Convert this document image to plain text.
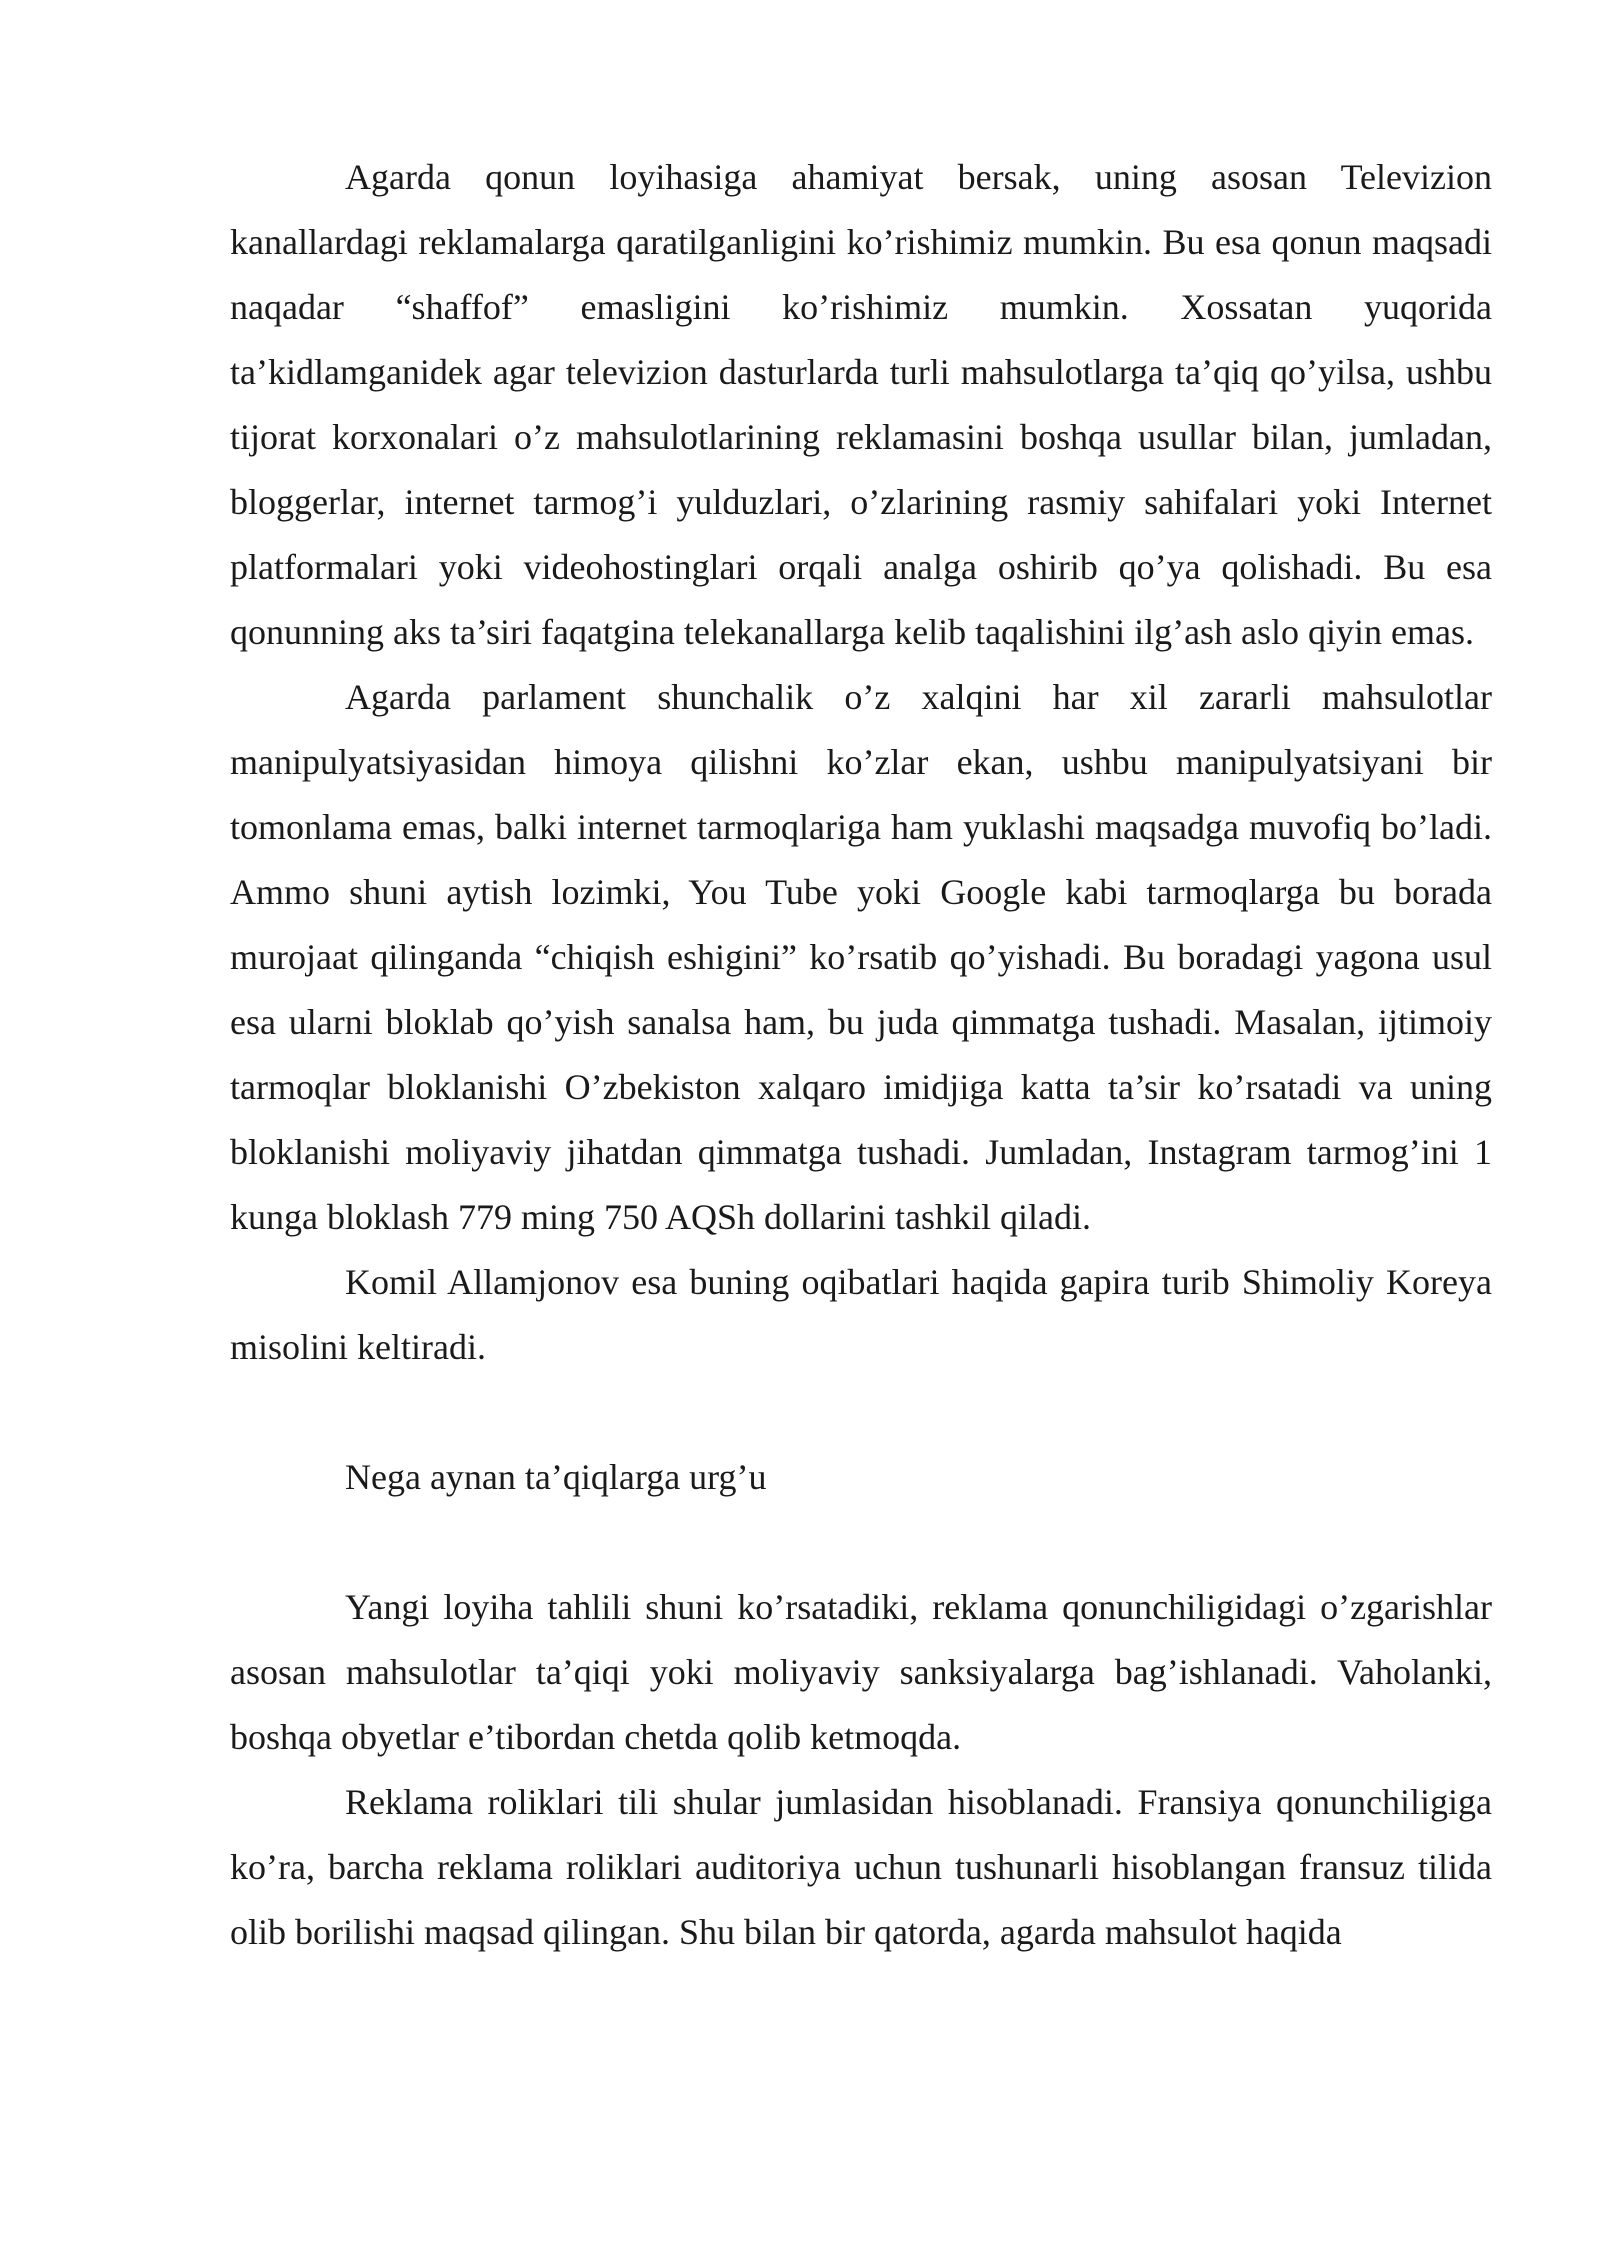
Agarda qonun loyihasiga ahamiyat bersak, uning asosan Televizion kanallardagi reklamalarga qaratilganligini ko’rishimiz mumkin. Bu esa qonun maqsadi naqadar “shaffof” emasligini ko’rishimiz mumkin. Xossatan yuqorida ta’kidlamganidek agar televizion dasturlarda turli mahsulotlarga ta’qiq qo’yilsa, ushbu tijorat korxonalari o’z mahsulotlarining reklamasini boshqa usullar bilan, jumladan, bloggerlar, internet tarmog’i yulduzlari, o’zlarining rasmiy sahifalari yoki Internet platformalari yoki videohostinglari orqali analga oshirib qo’ya qolishadi. Bu esa qonunning aks ta’siri faqatgina telekanallarga kelib taqalishini ilg’ash aslo qiyin emas.

Agarda parlament shunchalik o’z xalqini har xil zararli mahsulotlar manipulyatsiyasidan himoya qilishni ko’zlar ekan, ushbu manipulyatsiyani bir tomonlama emas, balki internet tarmoqlariga ham yuklashi maqsadga muvofiq bo’ladi. Ammo shuni aytish lozimki, You Tube yoki Google kabi tarmoqlarga bu borada murojaat qilinganda “chiqish eshigini” ko’rsatib qo’yishadi. Bu boradagi yagona usul esa ularni bloklab qo’yish sanalsa ham, bu juda qimmatga tushadi. Masalan, ijtimoiy tarmoqlar bloklanishi O’zbekiston xalqaro imidjiga katta ta’sir ko’rsatadi va uning bloklanishi moliyaviy jihatdan qimmatga tushadi. Jumladan, Instagram tarmog’ini 1 kunga bloklash 779 ming 750 AQSh dollarini tashkil qiladi.

Komil Allamjonov esa buning oqibatlari haqida gapira turib Shimoliy Koreya misolini keltiradi.

Nega aynan ta’qiqlarga urg’u

Yangi loyiha tahlili shuni ko’rsatadiki, reklama qonunchiligidagi o’zgarishlar asosan mahsulotlar ta’qiqi yoki moliyaviy sanksiyalarga bag’ishlanadi. Vaholanki, boshqa obyetlar e’tibordan chetda qolib ketmoqda.

Reklama roliklari tili shular jumlasidan hisoblanadi. Fransiya qonunchiligiga ko’ra, barcha reklama roliklari auditoriya uchun tushunarli hisoblangan fransuz tilida olib borilishi maqsad qilingan. Shu bilan bir qatorda, agarda mahsulot haqida
